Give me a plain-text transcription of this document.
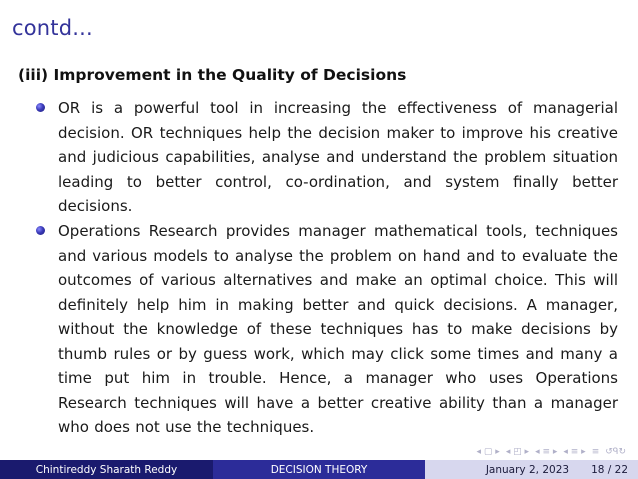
contd...
(iii) Improvement in the Quality of Decisions
OR is a powerful tool in increasing the effectiveness of managerial decision. OR techniques help the decision maker to improve his creative and judicious capabilities, analyse and understand the problem situation leading to better control, co-ordination, and system finally better decisions.
Operations Research provides manager mathematical tools, techniques and various models to analyse the problem on hand and to evaluate the outcomes of various alternatives and make an optimal choice. This will definitely help him in making better and quick decisions. A manager, without the knowledge of these techniques has to make decisions by thumb rules or by guess work, which may click some times and many a time put him in trouble. Hence, a manager who uses Operations Research techniques will have a better creative ability than a manager who does not use the techniques.
◂ ▢ ▸ ◂ ◰ ▸ ◂ ≡ ▸ ◂ ≡ ▸ ≡ ↺ᑫ↻
Chintireddy Sharath Reddy	DECISION THEORY	January 2, 2023 18 / 22
